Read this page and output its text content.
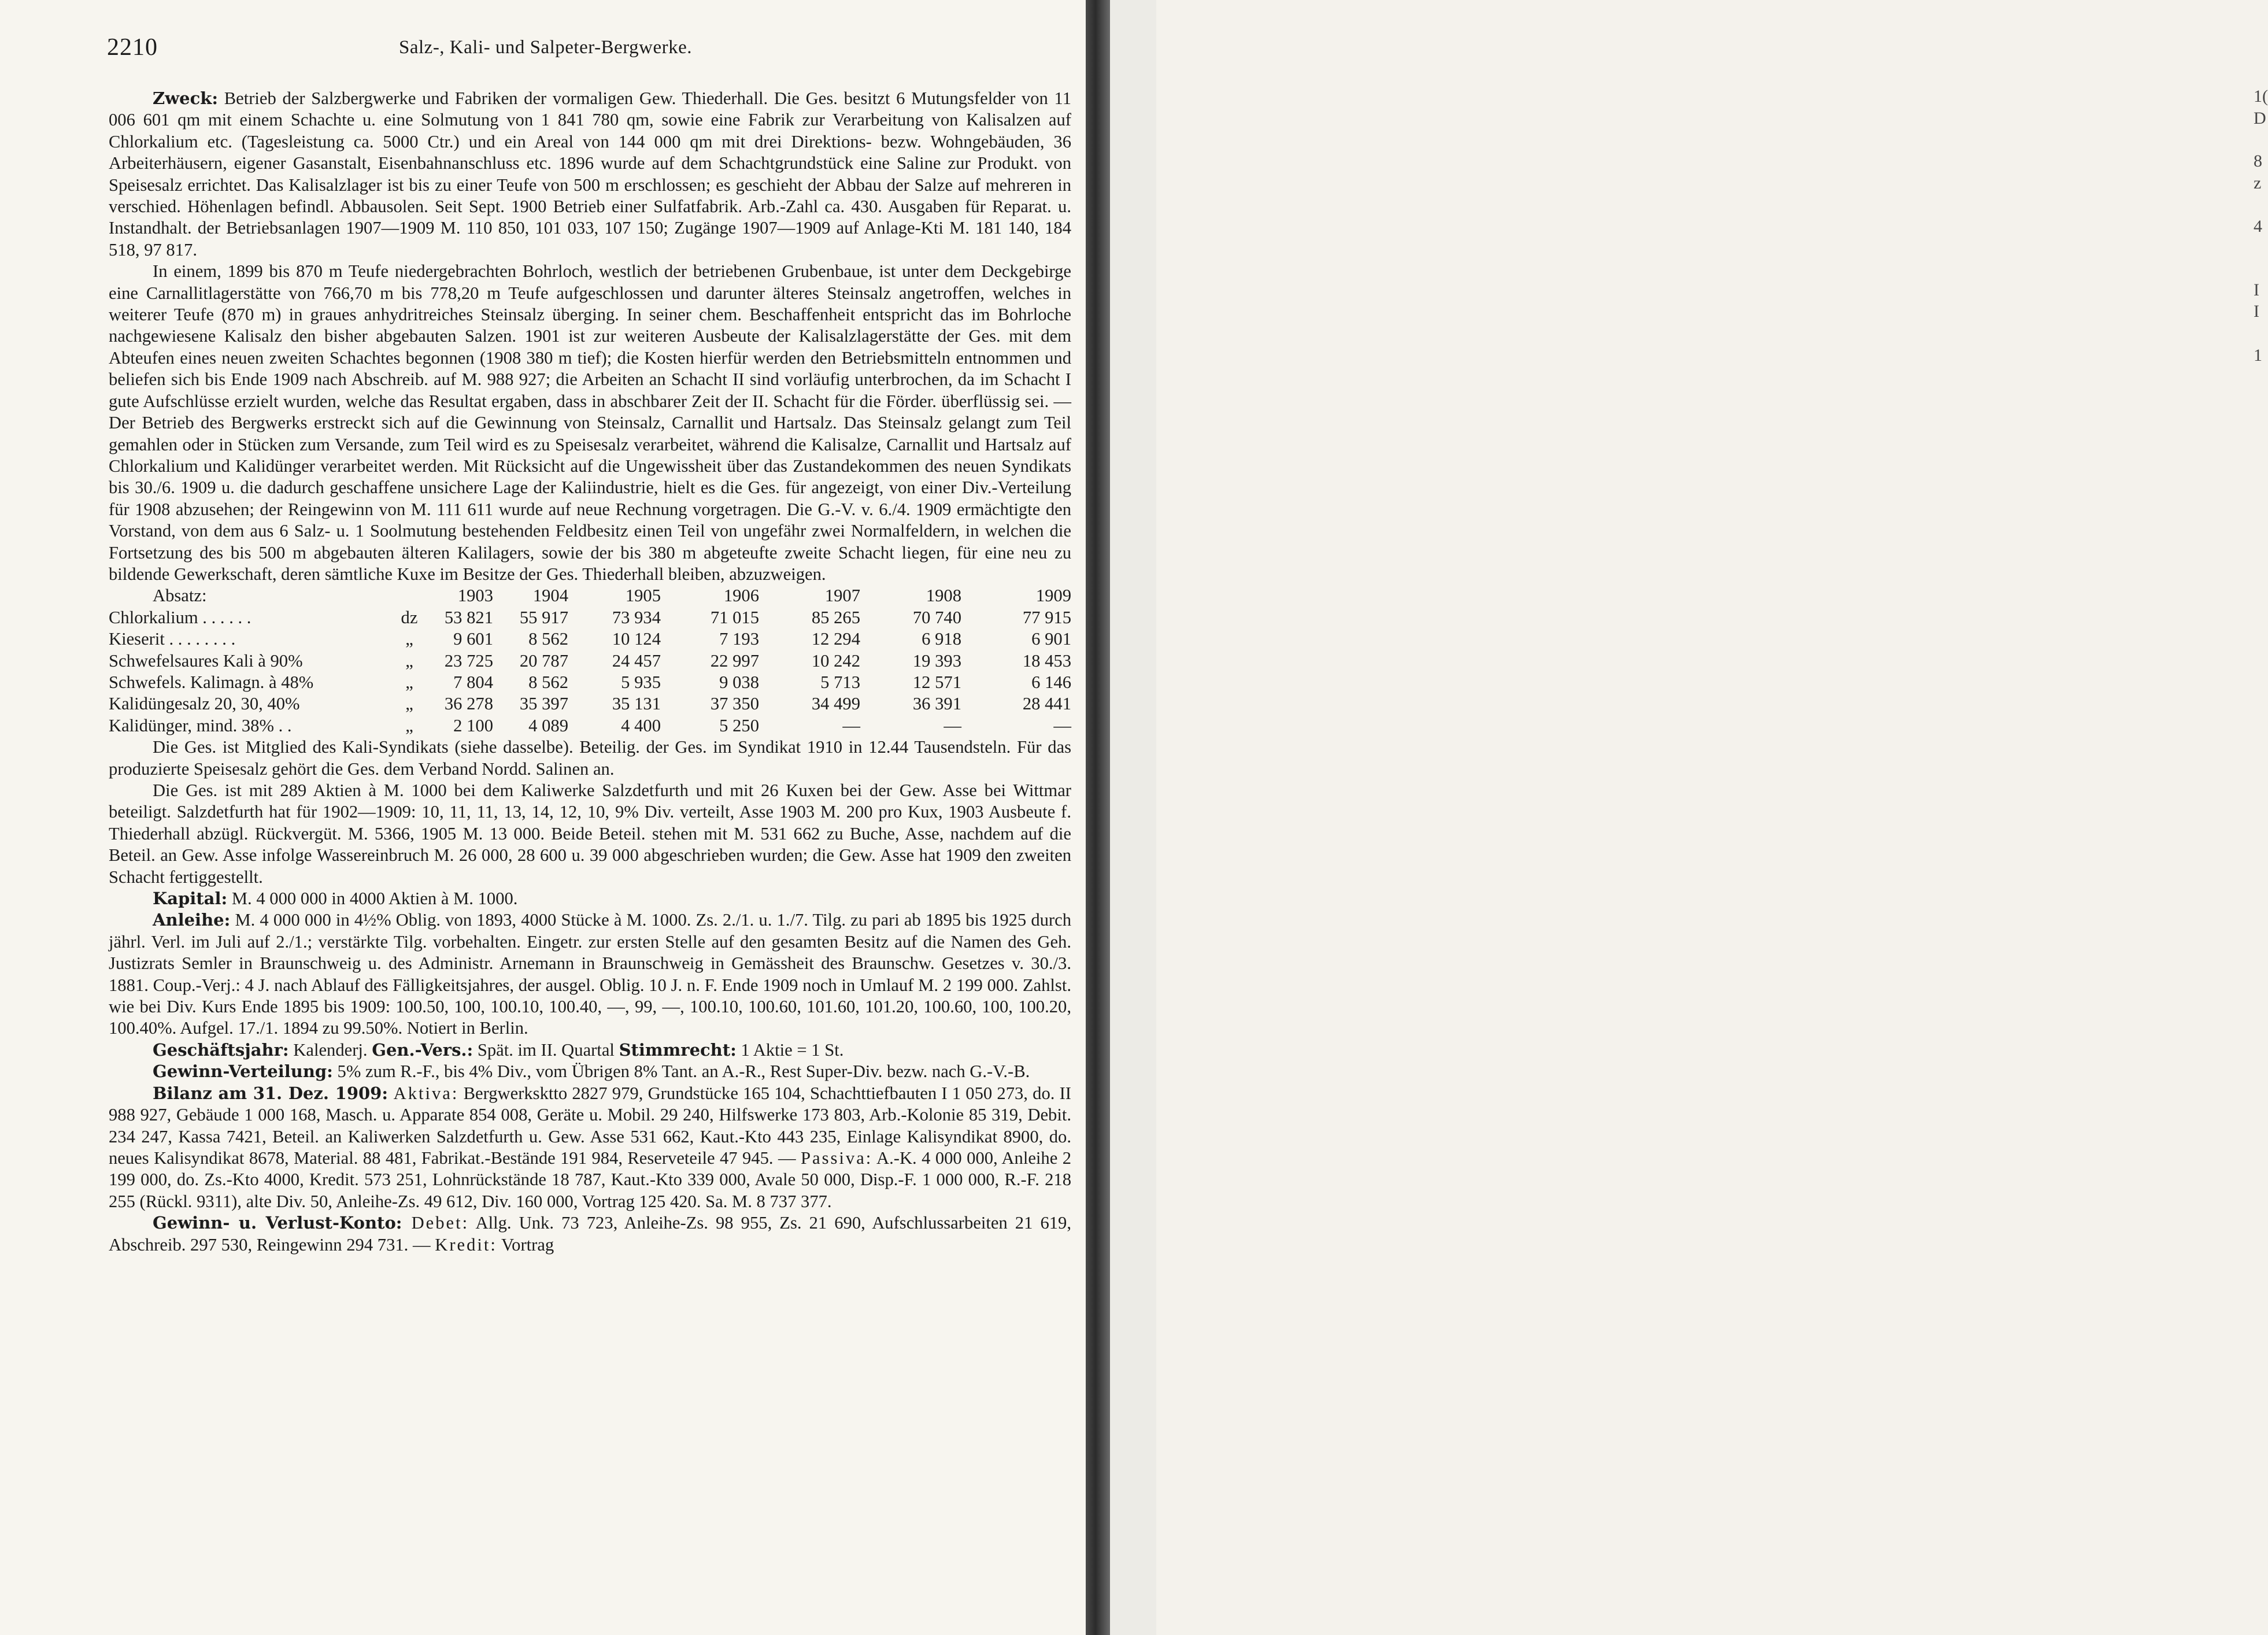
2210	Salz-, Kali- und Salpeter-Bergwerke.

Zweck: Betrieb der Salzbergwerke und Fabriken der vormaligen Gew. Thiederhall. Die Ges. besitzt 6 Mutungsfelder von 11 006 601 qm mit einem Schachte u. eine Solmutung von 1 841 780 qm, sowie eine Fabrik zur Verarbeitung von Kalisalzen auf Chlorkalium etc. (Tagesleistung ca. 5000 Ctr.) und ein Areal von 144 000 qm mit drei Direktions- bezw. Wohngebäuden, 36 Arbeiterhäusern, eigener Gasanstalt, Eisenbahnanschluss etc. 1896 wurde auf dem Schachtgrundstück eine Saline zur Produkt. von Speisesalz errichtet. Das Kalisalzlager ist bis zu einer Teufe von 500 m erschlossen; es geschieht der Abbau der Salze auf mehreren in verschied. Höhenlagen befindl. Abbausolen. Seit Sept. 1900 Betrieb einer Sulfatfabrik. Arb.-Zahl ca. 430. Ausgaben für Reparat. u. Instandhalt. der Betriebsanlagen 1907—1909 M. 110 850, 101 033, 107 150; Zugänge 1907—1909 auf Anlage-Kti M. 181 140, 184 518, 97 817.

In einem, 1899 bis 870 m Teufe niedergebrachten Bohrloch, westlich der betriebenen Grubenbaue, ist unter dem Deckgebirge eine Carnallitlagerstätte von 766,70 m bis 778,20 m Teufe aufgeschlossen und darunter älteres Steinsalz angetroffen, welches in weiterer Teufe (870 m) in graues anhydritreiches Steinsalz überging. In seiner chem. Beschaffenheit entspricht das im Bohrloche nachgewiesene Kalisalz den bisher abgebauten Salzen. 1901 ist zur weiteren Ausbeute der Kalisalzlagerstätte der Ges. mit dem Abteufen eines neuen zweiten Schachtes begonnen (1908 380 m tief); die Kosten hierfür werden den Betriebsmitteln entnommen und beliefen sich bis Ende 1909 nach Abschreib. auf M. 988 927; die Arbeiten an Schacht II sind vorläufig unterbrochen, da im Schacht I gute Aufschlüsse erzielt wurden, welche das Resultat ergaben, dass in abschbarer Zeit der II. Schacht für die Förder. überflüssig sei. — Der Betrieb des Bergwerks erstreckt sich auf die Gewinnung von Steinsalz, Carnallit und Hartsalz. Das Steinsalz gelangt zum Teil gemahlen oder in Stücken zum Versande, zum Teil wird es zu Speisesalz verarbeitet, während die Kalisalze, Carnallit und Hartsalz auf Chlorkalium und Kalidünger verarbeitet werden. Mit Rücksicht auf die Ungewissheit über das Zustandekommen des neuen Syndikats bis 30./6. 1909 u. die dadurch geschaffene unsichere Lage der Kaliindustrie, hielt es die Ges. für angezeigt, von einer Div.-Verteilung für 1908 abzusehen; der Reingewinn von M. 111 611 wurde auf neue Rechnung vorgetragen. Die G.-V. v. 6./4. 1909 ermächtigte den Vorstand, von dem aus 6 Salz- u. 1 Soolmutung bestehenden Feldbesitz einen Teil von ungefähr zwei Normalfeldern, in welchen die Fortsetzung des bis 500 m abgebauten älteren Kalilagers, sowie der bis 380 m abgeteufte zweite Schacht liegen, für eine neu zu bildende Gewerkschaft, deren sämtliche Kuxe im Besitze der Ges. Thiederhall bleiben, abzuzweigen.

Absatz:		1903	1904	1905	1906	1907	1908	1909
Chlorkalium . . . . . .	dz	53 821	55 917	73 934	71 015	85 265	70 740	77 915
Kieserit . . . . . . . .	„	9 601	8 562	10 124	7 193	12 294	6 918	6 901
Schwefelsaures Kali à 90%	„	23 725	20 787	24 457	22 997	10 242	19 393	18 453
Schwefels. Kalimagn. à 48%	„	7 804	8 562	5 935	9 038	5 713	12 571	6 146
Kalidüngesalz 20, 30, 40%	„	36 278	35 397	35 131	37 350	34 499	36 391	28 441
Kalidünger, mind. 38% . .	„	2 100	4 089	4 400	5 250	—	—	—

Die Ges. ist Mitglied des Kali-Syndikats (siehe dasselbe). Beteilig. der Ges. im Syndikat 1910 in 12.44 Tausendsteln. Für das produzierte Speisesalz gehört die Ges. dem Verband Nordd. Salinen an.

Die Ges. ist mit 289 Aktien à M. 1000 bei dem Kaliwerke Salzdetfurth und mit 26 Kuxen bei der Gew. Asse bei Wittmar beteiligt. Salzdetfurth hat für 1902—1909: 10, 11, 11, 13, 14, 12, 10, 9% Div. verteilt, Asse 1903 M. 200 pro Kux, 1903 Ausbeute f. Thiederhall abzügl. Rückvergüt. M. 5366, 1905 M. 13 000. Beide Beteil. stehen mit M. 531 662 zu Buche, Asse, nachdem auf die Beteil. an Gew. Asse infolge Wassereinbruch M. 26 000, 28 600 u. 39 000 abgeschrieben wurden; die Gew. Asse hat 1909 den zweiten Schacht fertiggestellt.

Kapital: M. 4 000 000 in 4000 Aktien à M. 1000.

Anleihe: M. 4 000 000 in 4½% Oblig. von 1893, 4000 Stücke à M. 1000. Zs. 2./1. u. 1./7. Tilg. zu pari ab 1895 bis 1925 durch jährl. Verl. im Juli auf 2./1.; verstärkte Tilg. vorbehalten. Eingetr. zur ersten Stelle auf den gesamten Besitz auf die Namen des Geh. Justizrats Semler in Braunschweig u. des Administr. Arnemann in Braunschweig in Gemässheit des Braunschw. Gesetzes v. 30./3. 1881. Coup.-Verj.: 4 J. nach Ablauf des Fälligkeitsjahres, der ausgel. Oblig. 10 J. n. F. Ende 1909 noch in Umlauf M. 2 199 000. Zahlst. wie bei Div. Kurs Ende 1895 bis 1909: 100.50, 100, 100.10, 100.40, —, 99, —, 100.10, 100.60, 101.60, 101.20, 100.60, 100, 100.20, 100.40%. Aufgel. 17./1. 1894 zu 99.50%. Notiert in Berlin.

Geschäftsjahr: Kalenderj. Gen.-Vers.: Spät. im II. Quartal Stimmrecht: 1 Aktie = 1 St.

Gewinn-Verteilung: 5% zum R.-F., bis 4% Div., vom Übrigen 8% Tant. an A.-R., Rest Super-Div. bezw. nach G.-V.-B.

Bilanz am 31. Dez. 1909: Aktiva: Bergwerksktto 2827 979, Grundstücke 165 104, Schachttiefbauten I 1 050 273, do. II 988 927, Gebäude 1 000 168, Masch. u. Apparate 854 008, Geräte u. Mobil. 29 240, Hilfswerke 173 803, Arb.-Kolonie 85 319, Debit. 234 247, Kassa 7421, Beteil. an Kaliwerken Salzdetfurth u. Gew. Asse 531 662, Kaut.-Kto 443 235, Einlage Kalisyndikat 8900, do. neues Kalisyndikat 8678, Material. 88 481, Fabrikat.-Bestände 191 984, Reserveteile 47 945. — Passiva: A.-K. 4 000 000, Anleihe 2 199 000, do. Zs.-Kto 4000, Kredit. 573 251, Lohnrückstände 18 787, Kaut.-Kto 339 000, Avale 50 000, Disp.-F. 1 000 000, R.-F. 218 255 (Rückl. 9311), alte Div. 50, Anleihe-Zs. 49 612, Div. 160 000, Vortrag 125 420. Sa. M. 8 737 377.

Gewinn- u. Verlust-Konto: Debet: Allg. Unk. 73 723, Anleihe-Zs. 98 955, Zs. 21 690, Aufschlussarbeiten 21 619, Abschreib. 297 530, Reingewinn 294 731. — Kredit: Vortrag

1(
D
8
z
4
I
I
1
